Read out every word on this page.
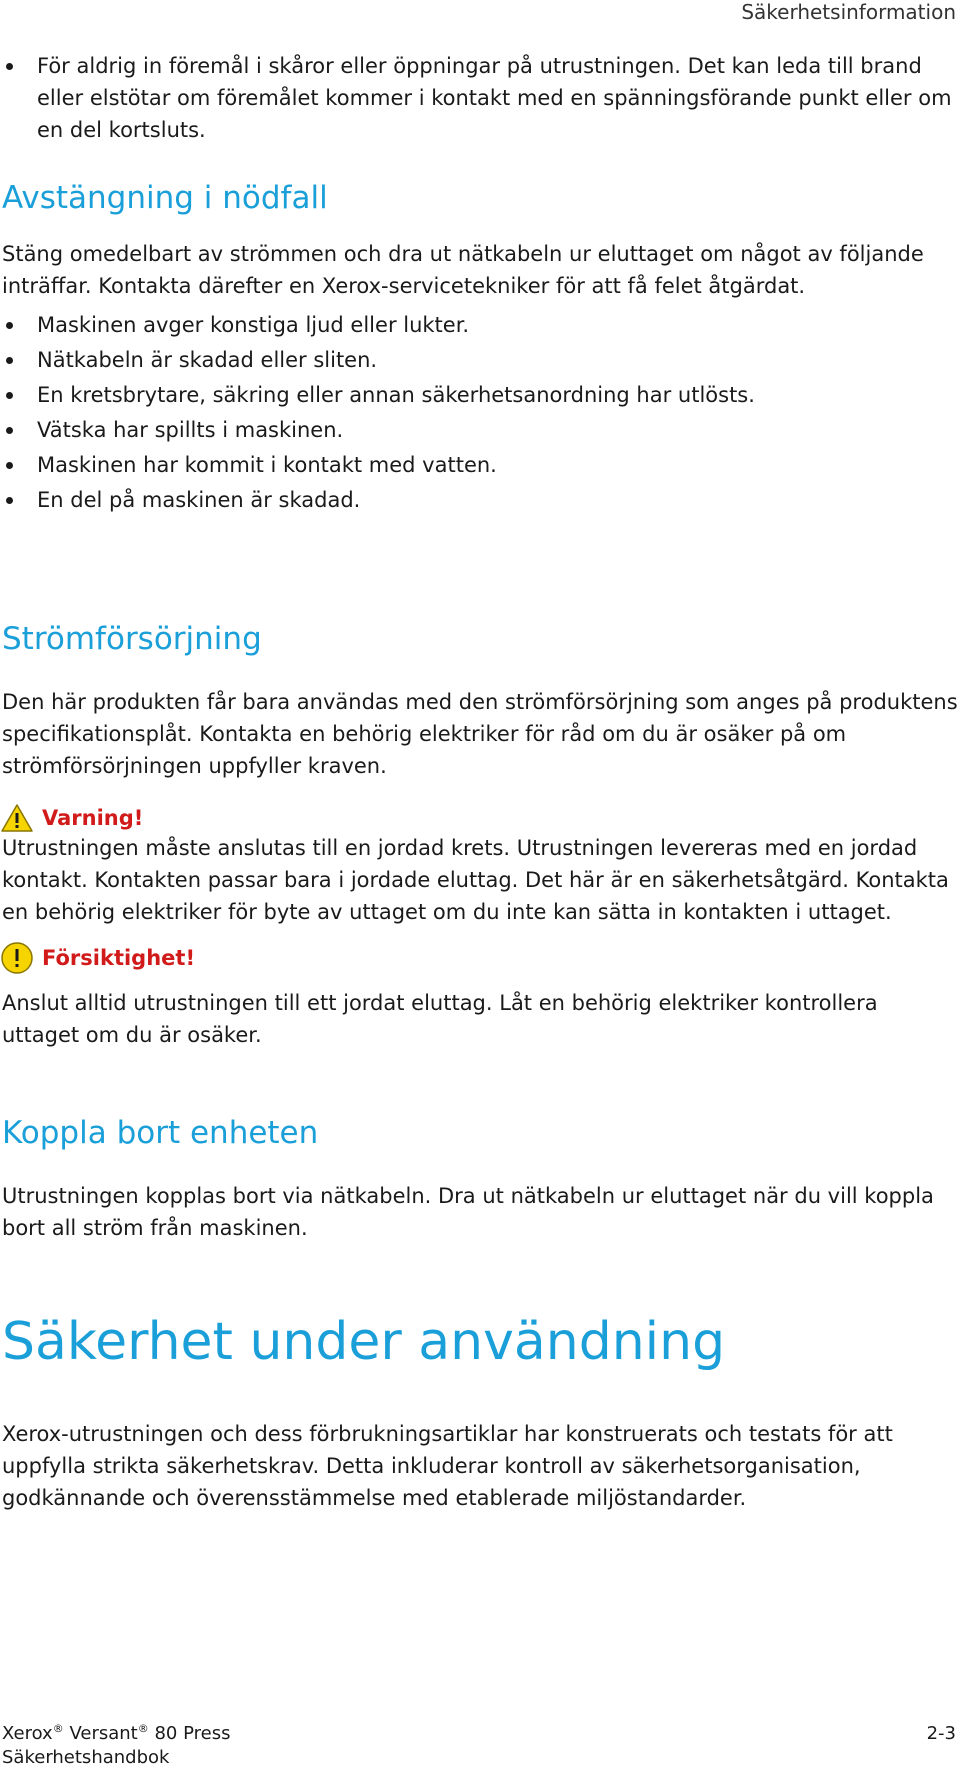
Säkerhetsinformation
För aldrig in föremål i skåror eller öppningar på utrustningen. Det kan leda till brand eller elstötar om föremålet kommer i kontakt med en spänningsförande punkt eller om en del kortsluts.
Avstängning i nödfall

Stäng omedelbart av strömmen och dra ut nätkabeln ur eluttaget om något av följande inträffar. Kontakta därefter en Xerox-servicetekniker för att få felet åtgärdat.

Maskinen avger konstiga ljud eller lukter.
Nätkabeln är skadad eller sliten.
En kretsbrytare, säkring eller annan säkerhetsanordning har utlösts.
Vätska har spillts i maskinen.
Maskinen har kommit i kontakt med vatten.
En del på maskinen är skadad.
Strömförsörjning

Den här produkten får bara användas med den strömförsörjning som anges på produktens specifikationsplåt. Kontakta en behörig elektriker för råd om du är osäker på om strömförsörjningen uppfyller kraven.

Varning!

Utrustningen måste anslutas till en jordad krets. Utrustningen levereras med en jordad kontakt. Kontakten passar bara i jordade eluttag. Det här är en säkerhetsåtgärd. Kontakta en behörig elektriker för byte av uttaget om du inte kan sätta in kontakten i uttaget.

Försiktighet!

Anslut alltid utrustningen till ett jordat eluttag. Låt en behörig elektriker kontrollera uttaget om du är osäker.

Koppla bort enheten

Utrustningen kopplas bort via nätkabeln. Dra ut nätkabeln ur eluttaget när du vill koppla bort all ström från maskinen.

Säkerhet under användning

Xerox-utrustningen och dess förbrukningsartiklar har konstruerats och testats för att uppfylla strikta säkerhetskrav. Detta inkluderar kontroll av säkerhetsorganisation, godkännande och överensstämmelse med etablerade miljöstandarder.

Xerox® Versant® 80 Press
Säkerhetshandbok
2-3
